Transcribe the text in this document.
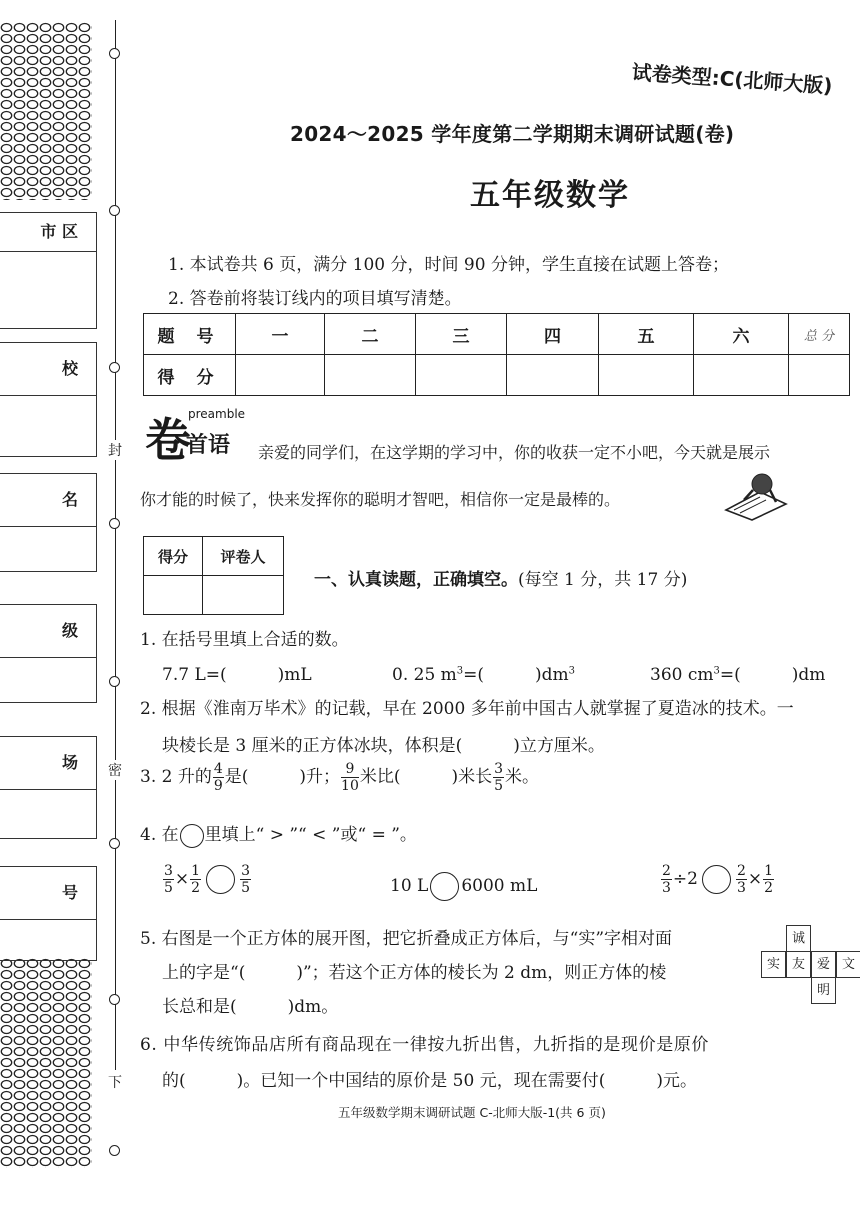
封
密
下
市 区
校
名
级
场
号
试卷类型:C(北师大版)
2024～2025 学年度第二学期期末调研试题(卷)
五年级数学
1. 本试卷共 6 页，满分 100 分，时间 90 分钟，学生直接在试题上答卷；
2. 答卷前将装订线内的项目填写清楚。
题 号	一	二	三	四	五	六	总 分
得 分							
卷
preamble
首语 亲爱的同学们，在这学期的学习中，你的收获一定不小吧，今天就是展示
你才能的时候了，快来发挥你的聪明才智吧，相信你一定是最棒的。
得分	评卷人

一、认真读题，正确填空。(每空 1 分，共 17 分)
1. 在括号里填上合适的数。
7.7 L=(　　　)mL	0. 25 $m^3=$(　　　)$dm^3$	360 $cm^3=$(　　　)dm
2. 根据《淮南万毕术》的记载，早在 2000 多年前中国古人就掌握了夏造冰的技术。一
块棱长是 3 厘米的正方体冰块，体积是(　　　)立方厘米。
3. 2 升的 $\frac{4}{9}$ 是(　　　)升； $\frac{9}{10}$ 米比(　　　)米长 $\frac{3}{5}$ 米。
4. 在 里填上“ > ”“ < ”或“ = ”。
$\frac{3}{5} \times \frac{1}{2}$	$\frac{3}{5}$	10 L 6000 mL	$\frac{2}{3} \div 2$	$\frac{2}{3} \times \frac{1}{2}$
5. 右图是一个正方体的展开图，把它折叠成正方体后，与“实”字相对面
上的字是“(　　　)”；若这个正方体的棱长为 2 dm，则正方体的棱
长总和是(　　　)dm。
诚
实 友 爱 文
明
6. 中华传统饰品店所有商品现在一律按九折出售，九折指的是现价是原价
的(　　　)。已知一个中国结的原价是 50 元，现在需要付(　　　)元。
五年级数学期末调研试题 C-北师大版-1(共 6 页)
